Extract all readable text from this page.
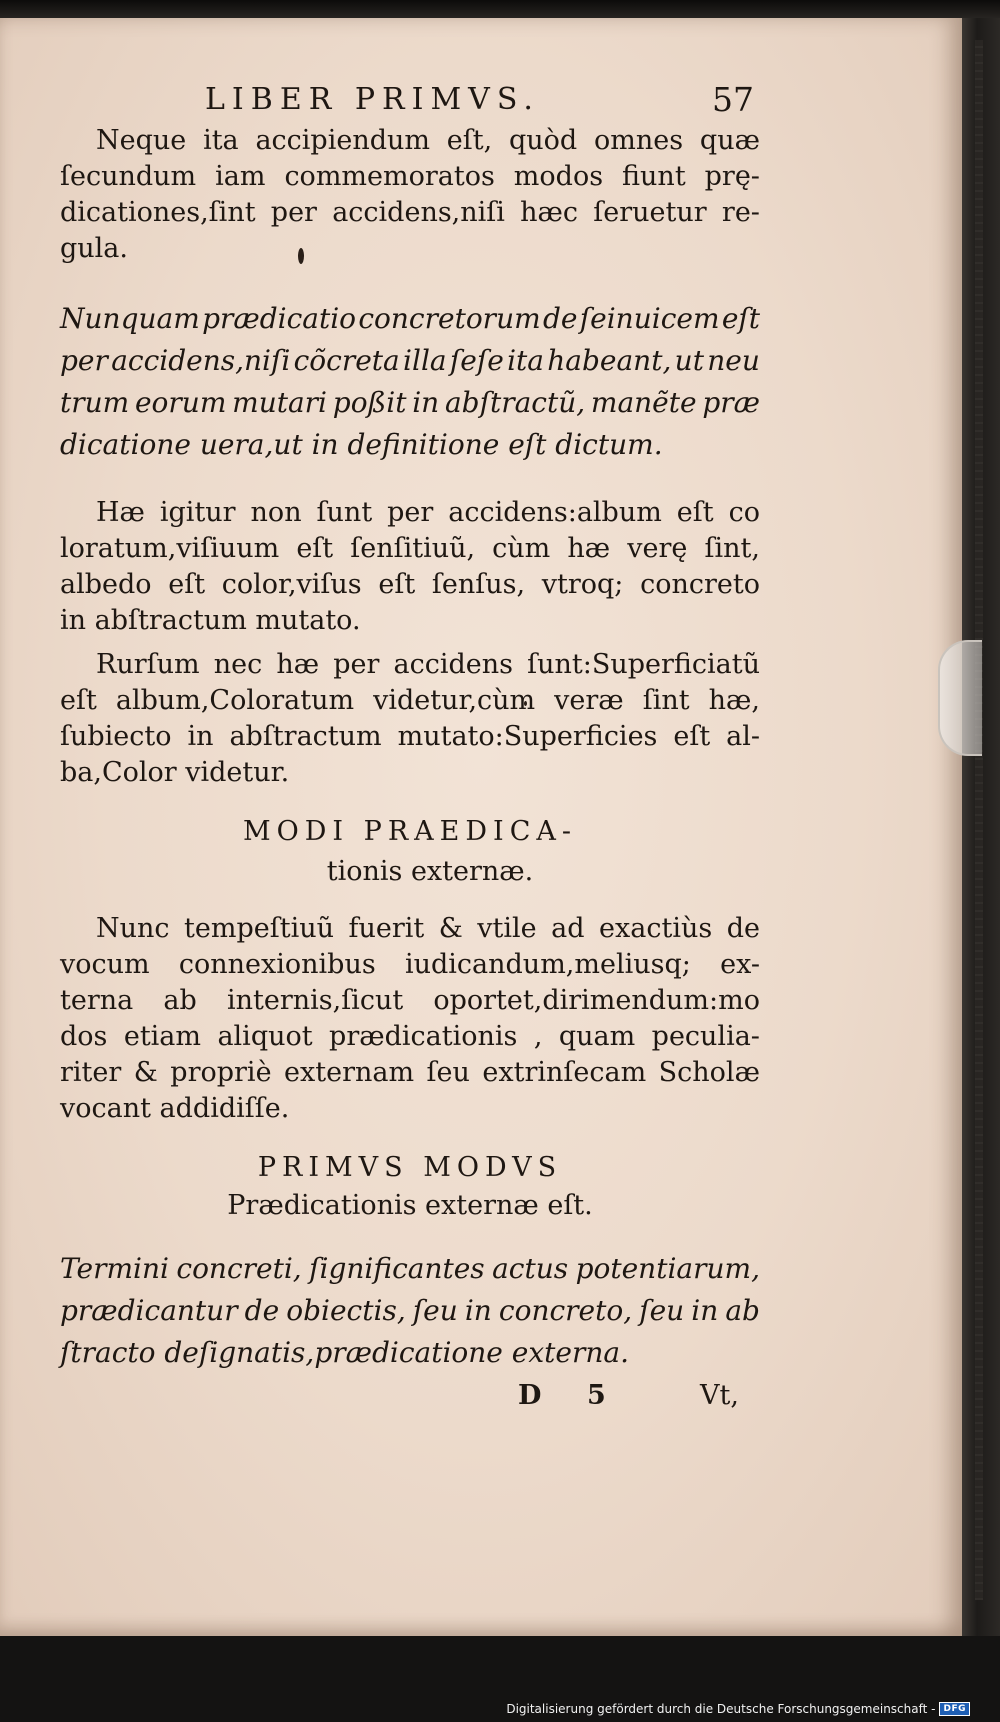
LIBER PRIMVS.	57
Neque ita accipiendum eſt, quòd omnes quæ
ſecundum iam commemoratos modos fiunt prę-
dicationes,ſint per accidens,niſi hæc ſeruetur re-
gula.
Nunquam prædicatio concretorum de ſeinuicem eſt
per accidens,niſi cõcreta illa ſeſe ita habeant, ut neu
trum eorum mutari poßit in abſtractũ, manẽte præ
dicatione uera,ut in definitione eſt dictum.
Hæ igitur non ſunt per accidens:album eſt co
loratum,viſiuum eſt ſenſitiuũ, cùm hæ verę ſint,
albedo eſt color,viſus eſt ſenſus, vtroq; concreto
in abſtractum mutato.
Rurſum nec hæ per accidens ſunt:Superficiatũ
eſt album,Coloratum videtur,cùm veræ ſint hæ,
ſubiecto in abſtractum mutato:Superficies eſt al-
ba,Color videtur.
MODI PRAEDICA-
tionis externæ.
Nunc tempeſtiuũ fuerit & vtile ad exactiùs de
vocum connexionibus iudicandum,meliusq; ex-
terna ab internis,ſicut oportet,dirimendum:mo
dos etiam aliquot prædicationis , quam peculia-
riter & propriè externam ſeu extrinſecam Scholæ
vocant addidiſſe.
PRIMVS MODVS
Prædicationis externæ eſt.
Termini concreti, ſignificantes actus potentiarum,
prædicantur de obiectis, ſeu in concreto, ſeu in ab
ſtracto deſignatis,prædicatione externa.
D 5	Vt,
Digitalisierung gefördert durch die Deutsche Forschungsgemeinschaft - DFG
